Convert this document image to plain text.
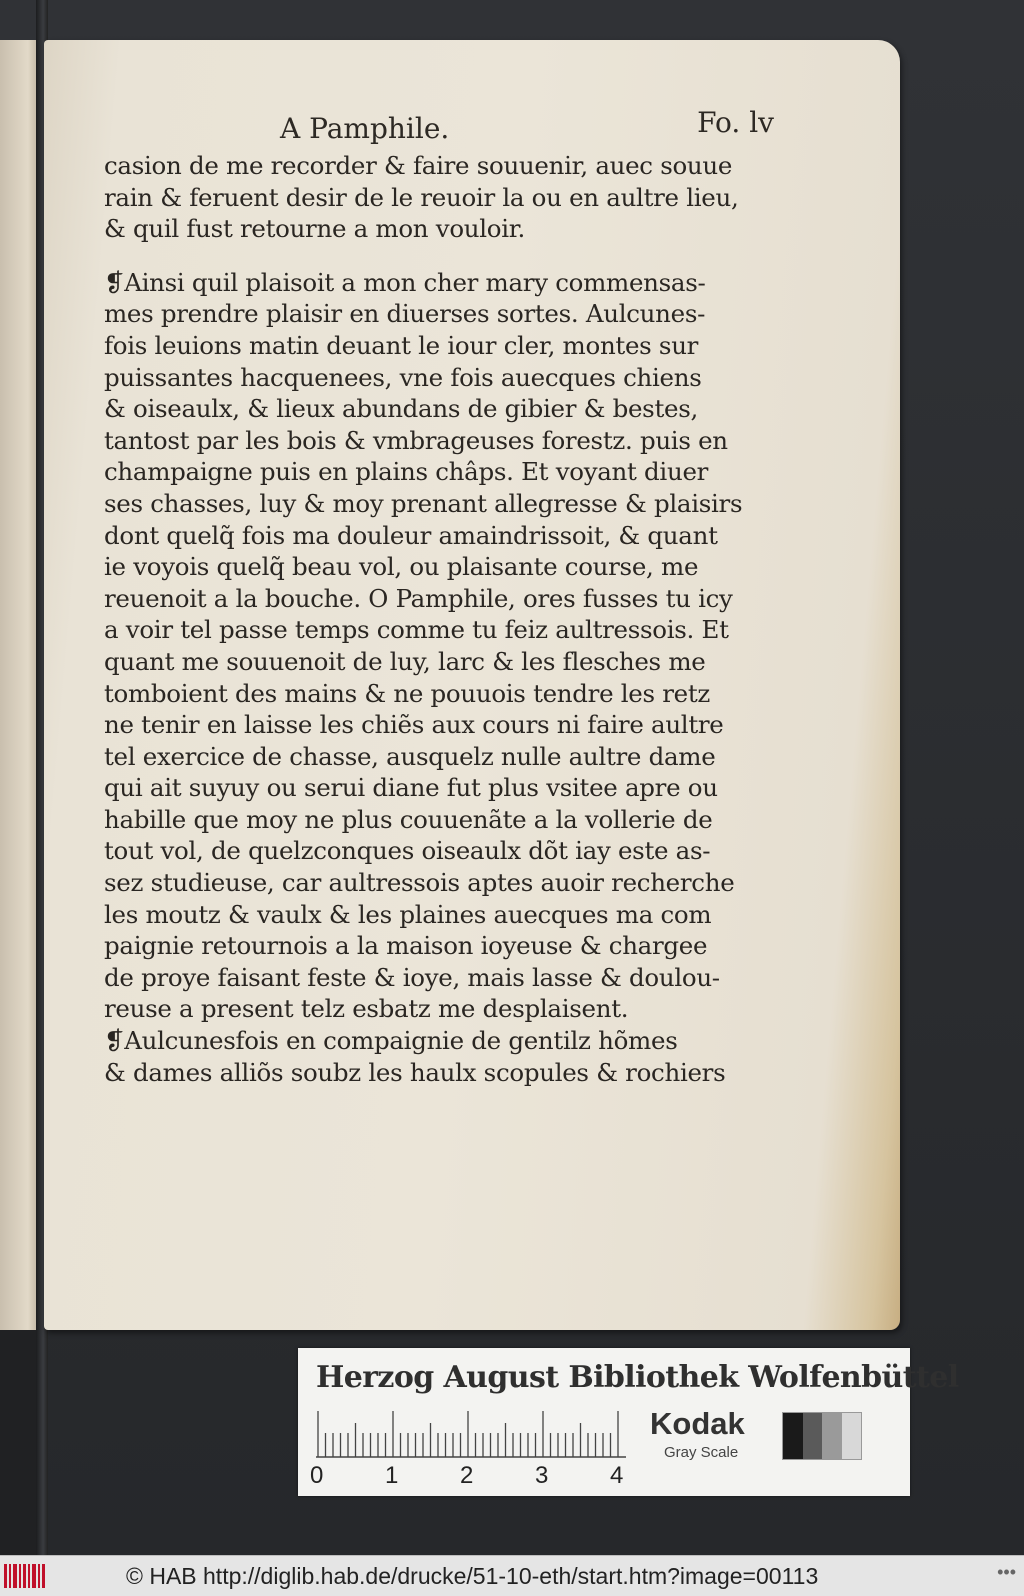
A Pamphile.	Fo. lv
casion de me recorder & faire souuenir, auec souue
rain & feruent desir de le reuoir la ou en aultre lieu,
& quil fust retourne a mon vouloir.
❡Ainsi quil plaisoit a mon cher mary commensas-
mes prendre plaisir en diuerses sortes. Aulcunes-
fois leuions matin deuant le iour cler, montes sur
puissantes hacquenees, vne fois auecques chiens
& oiseaulx, & lieux abundans de gibier & bestes,
tantost par les bois & vmbrageuses forestz. puis en
champaigne puis en plains châps. Et voyant diuer
ses chasses, luy & moy prenant allegresse & plaisirs
dont quelq̃ fois ma douleur amaindrissoit, & quant
ie voyois quelq̃ beau vol, ou plaisante course, me
reuenoit a la bouche. O Pamphile, ores fusses tu icy
a voir tel passe temps comme tu feiz aultressois. Et
quant me souuenoit de luy, larc & les flesches me
tomboient des mains & ne pouuois tendre les retz
ne tenir en laisse les chiẽs aux cours ni faire aultre
tel exercice de chasse, ausquelz nulle aultre dame
qui ait suyuy ou serui diane fut plus vsitee apre ou
habille que moy ne plus couuenãte a la vollerie de
tout vol, de quelzconques oiseaulx dõt iay este as-
sez studieuse, car aultressois aptes auoir recherche
les moutz & vaulx & les plaines auecques ma com
paignie retournois a la maison ioyeuse & chargee
de proye faisant feste & ioye, mais lasse & doulou-
reuse a present telz esbatz me desplaisent.
❡Aulcunesfois en compaignie de gentilz hõmes
& dames alliõs soubz les haulx scopules & rochiers
Herzog August Bibliothek Wolfenbüttel
0	1	2	3	4
Kodak
Gray Scale
© HAB http://diglib.hab.de/drucke/51-10-eth/start.htm?image=00113	•••
